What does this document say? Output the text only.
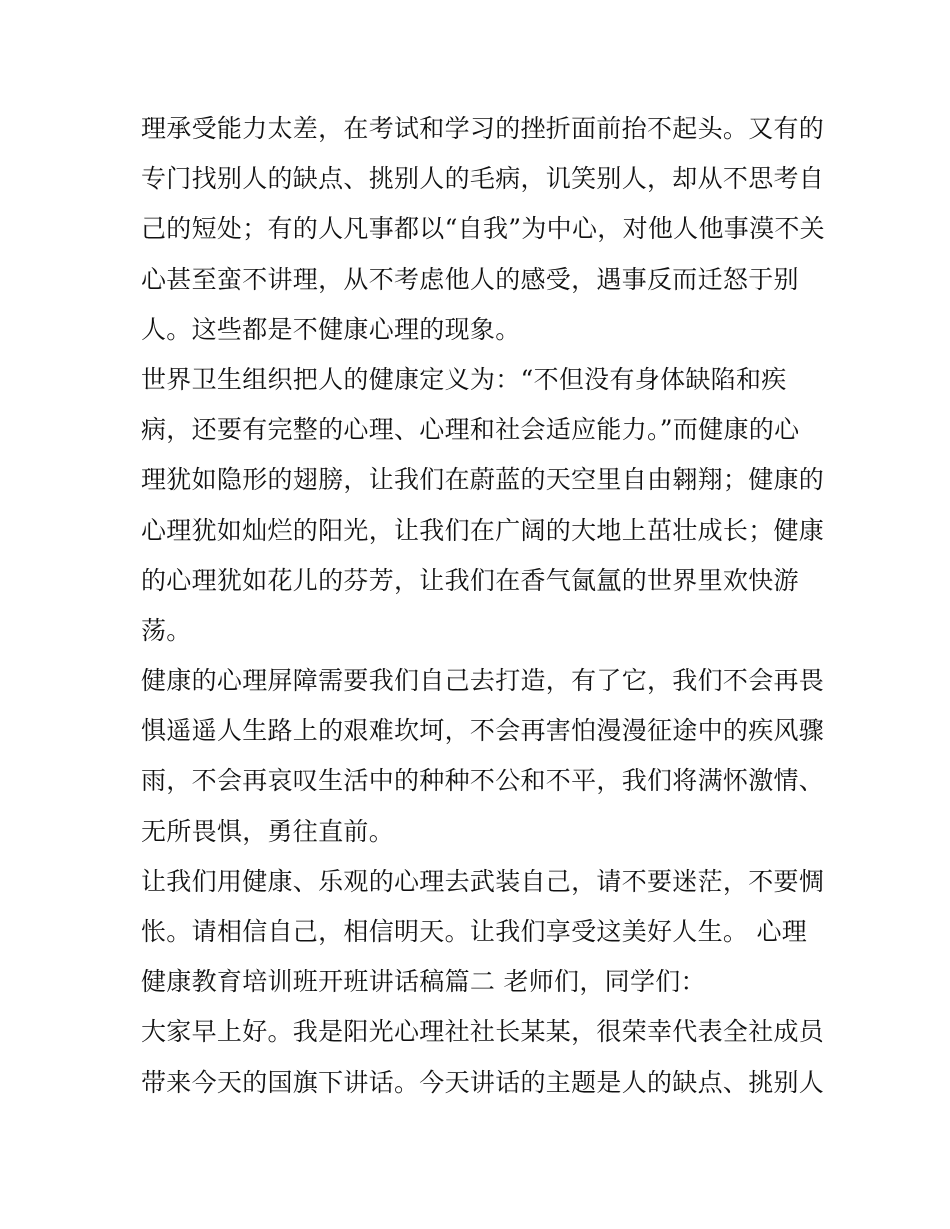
理承受能力太差，在考试和学习的挫折面前抬不起头。又有的
专门找别人的缺点、挑别人的毛病，讥笑别人，却从不思考自
己的短处；有的人凡事都以“自我”为中心，对他人他事漠不关
心甚至蛮不讲理，从不考虑他人的感受，遇事反而迁怒于别
人。这些都是不健康心理的现象。
世界卫生组织把人的健康定义为：“不但没有身体缺陷和疾
病，还要有完整的心理、心理和社会适应能力。”而健康的心
理犹如隐形的翅膀，让我们在蔚蓝的天空里自由翱翔；健康的
心理犹如灿烂的阳光，让我们在广阔的大地上茁壮成长；健康
的心理犹如花儿的芬芳，让我们在香气氤氲的世界里欢快游
荡。
健康的心理屏障需要我们自己去打造，有了它，我们不会再畏
惧遥遥人生路上的艰难坎坷，不会再害怕漫漫征途中的疾风骤
雨，不会再哀叹生活中的种种不公和不平，我们将满怀激情、
无所畏惧，勇往直前。
让我们用健康、乐观的心理去武装自己，请不要迷茫，不要惆
怅。请相信自己，相信明天。让我们享受这美好人生。 心理
健康教育培训班开班讲话稿篇二 老师们，同学们：
大家早上好。我是阳光心理社社长某某，很荣幸代表全社成员
带来今天的国旗下讲话。今天讲话的主题是人的缺点、挑别人
